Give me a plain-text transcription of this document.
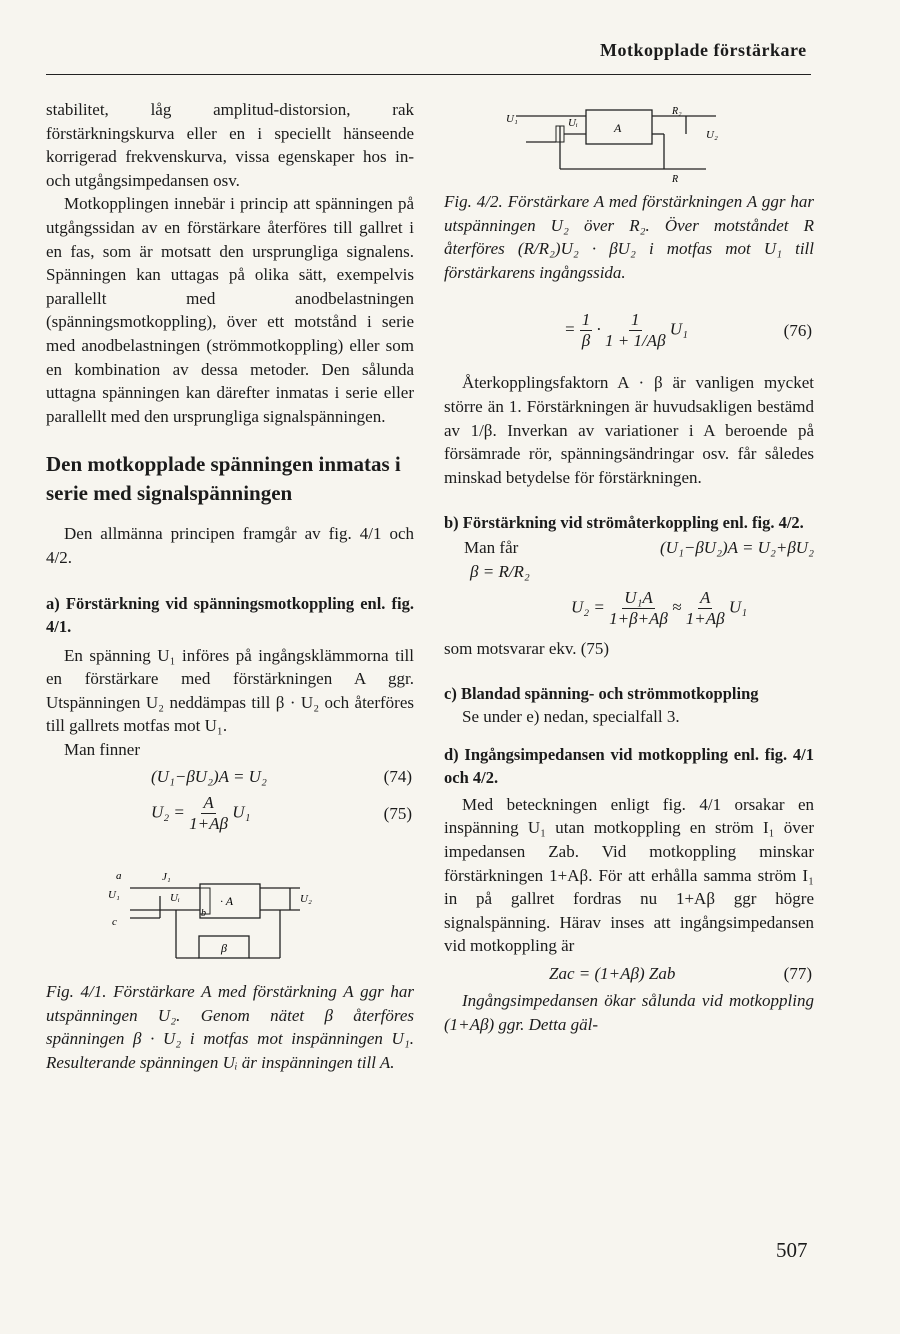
Motkopplade förstärkare

stabilitet, låg amplitud-distorsion, rak förstärkningskurva eller en i speciellt hänseende korrigerad frekvenskurva, vissa egenskaper hos in- och utgångsimpedansen osv.

Motkopplingen innebär i princip att spänningen på utgångssidan av en förstärkare återföres till gallret i en fas, som är motsatt den ursprungliga signalens. Spänningen kan uttagas på olika sätt, exempelvis parallellt med anodbelastningen (spänningsmotkoppling), över ett motstånd i serie med anodbelastningen (strömmotkoppling) eller som en kombination av dessa metoder. Den sålunda uttagna spänningen kan därefter inmatas i serie eller parallellt med den ursprungliga signalspänningen.

Den motkopplade spänningen inmatas i serie med signalspänningen

Den allmänna principen framgår av fig. 4/1 och 4/2.

a) Förstärkning vid spänningsmotkoppling enl. fig. 4/1.

En spänning U₁ införes på ingångsklämmorna till en förstärkare med förstärkningen A ggr. Utspänningen U₂ neddämpas till β · U₂ och återföres till gallrets motfas mot U₁.

Man finner

(U₁−βU₂)A = U₂	(74)
$U_2 = \frac{A}{1+A\beta} U_1$	(75)
a	J₁
U₁
c
Uᵢ
b
· A
β
U₂

Fig. 4/1. Förstärkare A med förstärkning A ggr har utspänningen U₂. Genom nätet β återföres spänningen β · U₂ i motfas mot inspänningen U₁. Resulterande spänningen Uᵢ är inspänningen till A.

U₁	Uᵢ	A
R₂
U₂
R

Fig. 4/2. Förstärkare A med förstärkningen A ggr har utspänningen U₂ över R₂. Över motståndet R återföres (R/R₂)U₂ · βU₂ i motfas mot U₁ till förstärkarens ingångssida.

= $\frac{1}{\beta} \cdot \frac{1}{1 + 1/A\beta} U_1$	(76)

Återkopplingsfaktorn A · β är vanligen mycket större än 1. Förstärkningen är huvudsakligen bestämd av 1/β. Inverkan av variationer i A beroende på försämrade rör, spänningsändringar osv. får således minskad betydelse för förstärkningen.

b) Förstärkning vid strömåterkoppling enl. fig. 4/2.

Man får	(U₁−βU₂)A = U₂+βU₂

β = R/R₂

$U_2 = \frac{\text{U₁A}}{1+\beta+A\beta} \approx \frac{A}{1+A\beta} U_1$

som motsvarar ekv. (75)

c) Blandad spänning- och strömmotkoppling

Se under e) nedan, specialfall 3.

d) Ingångsimpedansen vid motkoppling enl. fig. 4/1 och 4/2.

Med beteckningen enligt fig. 4/1 orsakar en inspänning U₁ utan motkoppling en ström I₁ över impedansen Zab. Vid motkoppling minskar förstärkningen 1+Aβ. För att erhålla samma ström I₁ in på gallret fordras nu 1+Aβ ggr högre signalspänning. Härav inses att ingångsimpedansen vid motkoppling är

Zac = (1+Aβ) Zab	(77)

Ingångsimpedansen ökar sålunda vid motkoppling (1+Aβ) ggr. Detta gäl-

507
